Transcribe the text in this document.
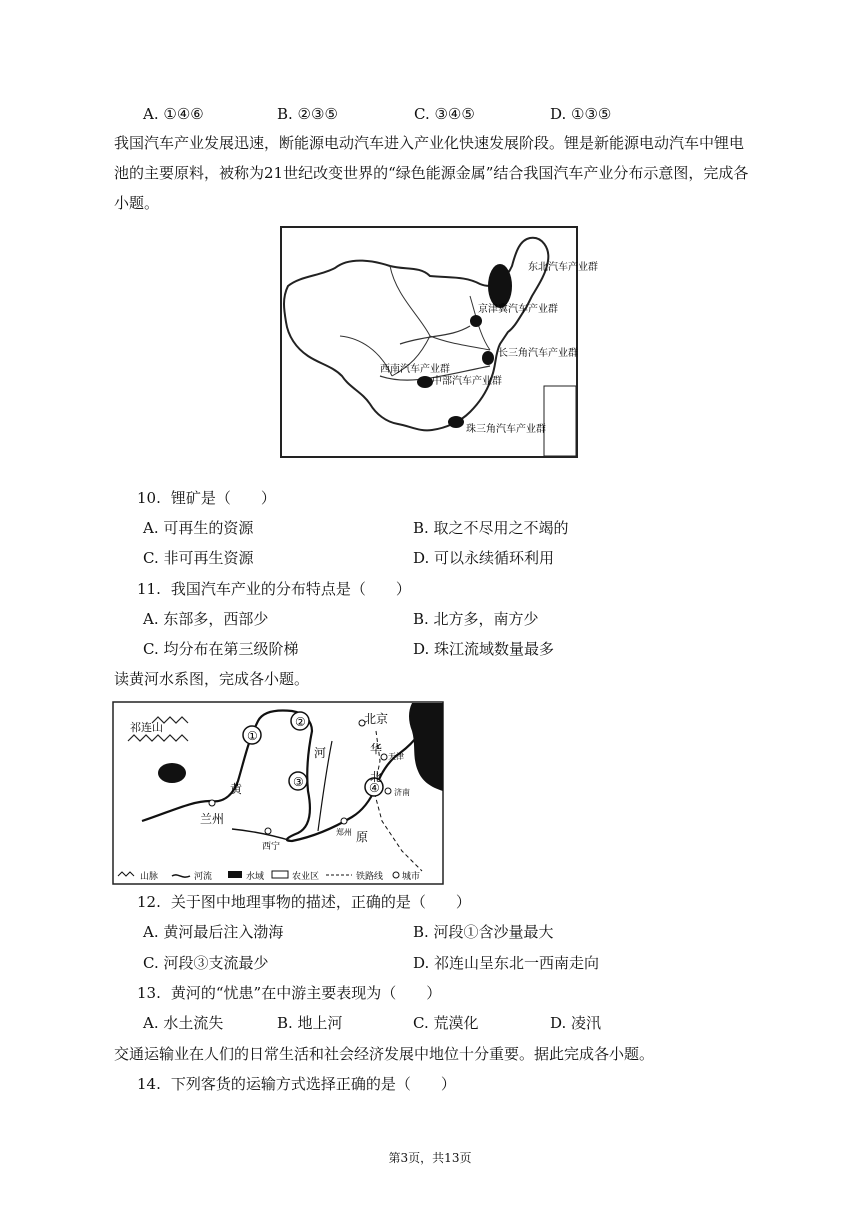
A. ①④⑥	B. ②③⑤	C. ③④⑤	D. ①③⑤
我国汽车产业发展迅速，断能源电动汽车进入产业化快速发展阶段。锂是新能源电动汽车中锂电池的主要原料，被称为21世纪改变世界的“绿色能源金属”结合我国汽车产业分布示意图，完成各小题。
东北汽车产业群
京津冀汽车产业群
长三角汽车产业群
西南汽车产业群
中部汽车产业群
珠三角汽车产业群
10. 锂矿是（　　）
A. 可再生的资源	B. 取之不尽用之不竭的
C. 非可再生资源	D. 可以永续循环利用
11. 我国汽车产业的分布特点是（　　）
A. 东部多，西部少	B. 北方多，南方少
C. 均分布在第三级阶梯	D. 珠江流域数量最多
读黄河水系图，完成各小题。
①
②
③	④
祁连山
兰州
西宁
黄
河
北京
华
天津
济南
郑州
北
原
山脉	河流	水域	农业区	铁路线 城市
12. 关于图中地理事物的描述，正确的是（　　）
A. 黄河最后注入渤海	B. 河段①含沙量最大
C. 河段③支流最少	D. 祁连山呈东北一西南走向
13. 黄河的“忧患”在中游主要表现为（　　）
A. 水土流失	B. 地上河	C. 荒漠化	D. 凌汛
交通运输业在人们的日常生活和社会经济发展中地位十分重要。据此完成各小题。
14. 下列客货的运输方式选择正确的是（　　）
第3页，共13页
